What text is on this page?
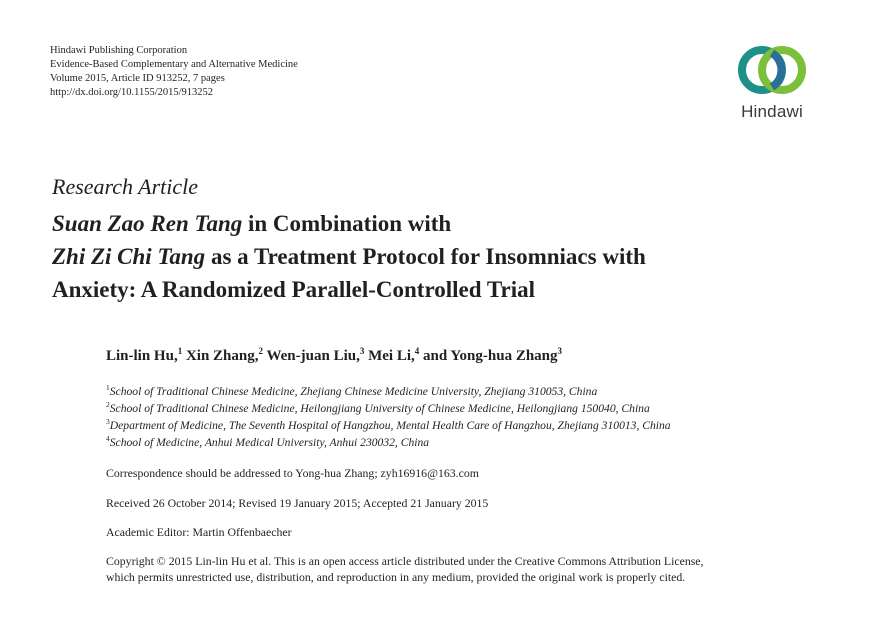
Hindawi Publishing Corporation
Evidence-Based Complementary and Alternative Medicine
Volume 2015, Article ID 913252, 7 pages
http://dx.doi.org/10.1155/2015/913252
Hindawi
Research Article
Suan Zao Ren Tang in Combination with
Zhi Zi Chi Tang as a Treatment Protocol for Insomniacs with
Anxiety: A Randomized Parallel-Controlled Trial
Lin-lin Hu,$^1$ Xin Zhang,$^2$ Wen-juan Liu,$^3$ Mei Li,$^4$ and Yong-hua Zhang$^3$
$^1$School of Traditional Chinese Medicine, Zhejiang Chinese Medicine University, Zhejiang 310053, China
$^2$School of Traditional Chinese Medicine, Heilongjiang University of Chinese Medicine, Heilongjiang 150040, China
$^3$Department of Medicine, The Seventh Hospital of Hangzhou, Mental Health Care of Hangzhou, Zhejiang 310013, China
$^4$School of Medicine, Anhui Medical University, Anhui 230032, China
Correspondence should be addressed to Yong-hua Zhang; zyh16916@163.com
Received 26 October 2014; Revised 19 January 2015; Accepted 21 January 2015
Academic Editor: Martin Offenbaecher
Copyright © 2015 Lin-lin Hu et al. This is an open access article distributed under the Creative Commons Attribution License,
which permits unrestricted use, distribution, and reproduction in any medium, provided the original work is properly cited.
